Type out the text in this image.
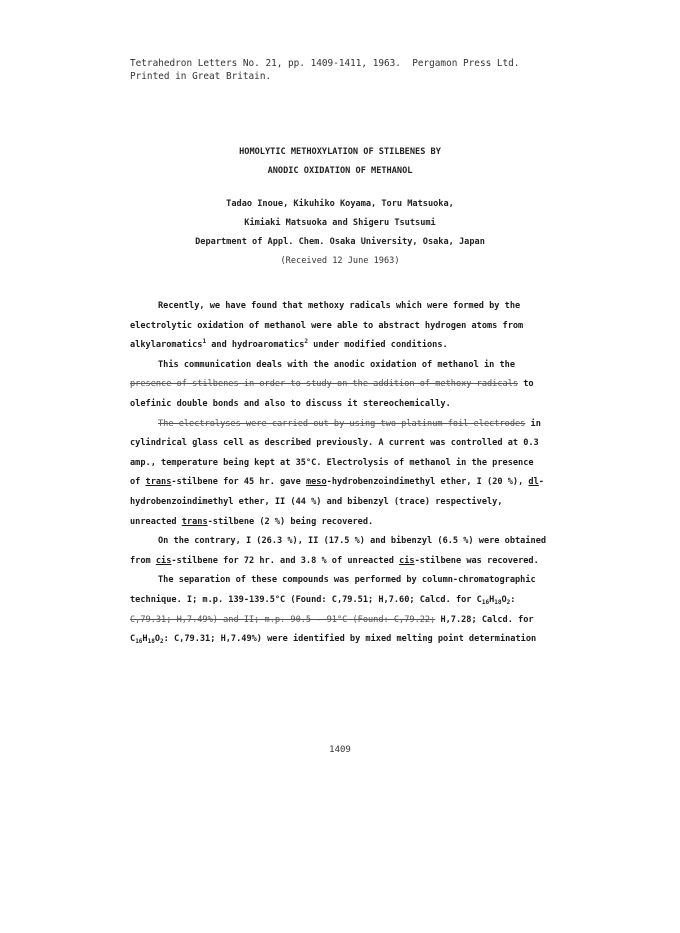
Tetrahedron Letters No. 21, pp. 1409-1411, 1963.  Pergamon Press Ltd.
Printed in Great Britain.
HOMOLYTIC METHOXYLATION OF STILBENES BY
ANODIC OXIDATION OF METHANOL
Tadao Inoue, Kikuhiko Koyama, Toru Matsuoka,
Kimiaki Matsuoka and Shigeru Tsutsumi
Department of Appl. Chem. Osaka University, Osaka, Japan
(Received 12 June 1963)

Recently, we have found that methoxy radicals which were formed by the electrolytic oxidation of methanol were able to abstract hydrogen atoms from alkylaromatics$^1$ and hydroaromatics$^2$ under modified conditions.

This communication deals with the anodic oxidation of methanol in the presence of stilbenes in order to study on the addition of methoxy radicals to olefinic double bonds and also to discuss it stereochemically.

The electrolyses were carried out by using two platinum foil electrodes in cylindrical glass cell as described previously. A current was controlled at 0.3 amp., temperature being kept at 35°C. Electrolysis of methanol in the presence of trans-stilbene for 45 hr. gave meso-hydrobenzoindimethyl ether, I (20 %), dl-hydrobenzoindimethyl ether, II (44 %) and bibenzyl (trace) respectively, unreacted trans-stilbene (2 %) being recovered.

On the contrary, I (26.3 %), II (17.5 %) and bibenzyl (6.5 %) were obtained from cis-stilbene for 72 hr. and 3.8 % of unreacted cis-stilbene was recovered.

The separation of these compounds was performed by column-chromatographic technique. I; m.p. 139-139.5°C (Found: C,79.51; H,7.60; Calcd. for $C_{16}H_{18}O_2$: C,79.31; H,7.49%) and II; m.p. 90.5 - 91°C (Found: C,79.22; H,7.28; Calcd. for $C_{16}H_{18}O_2$: C,79.31; H,7.49%) were identified by mixed melting point determination

1409
